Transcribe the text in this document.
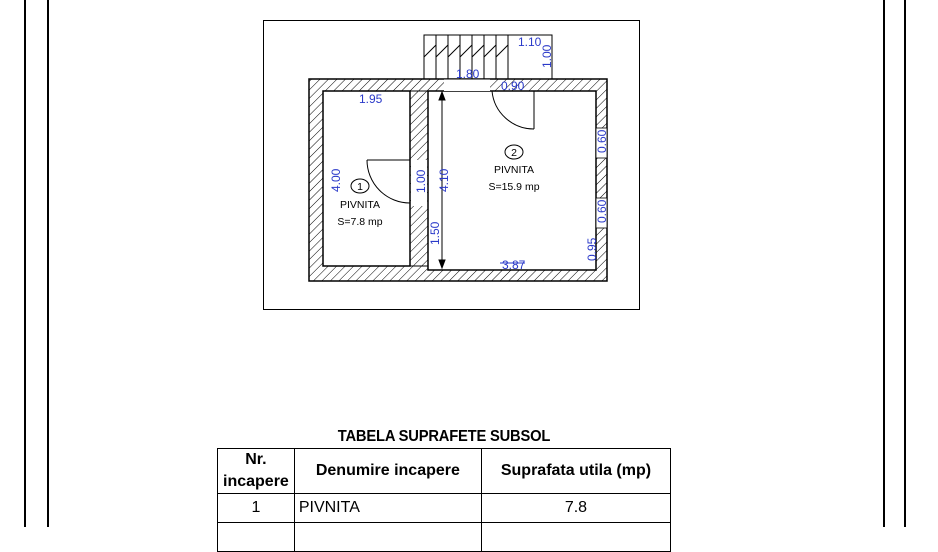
1.10
1.00
1.80
1.95
4.00	1.00 4.10
1.50
0.90
3.87
0.60
0.60
0.95
1
PIVNITA
S=7.8 mp
2
PIVNITA
S=15.9 mp
TABELA SUPRAFETE SUBSOL
Nr.
incapere	Denumire incapere	Suprafata utila (mp)
1	PIVNITA	7.8
